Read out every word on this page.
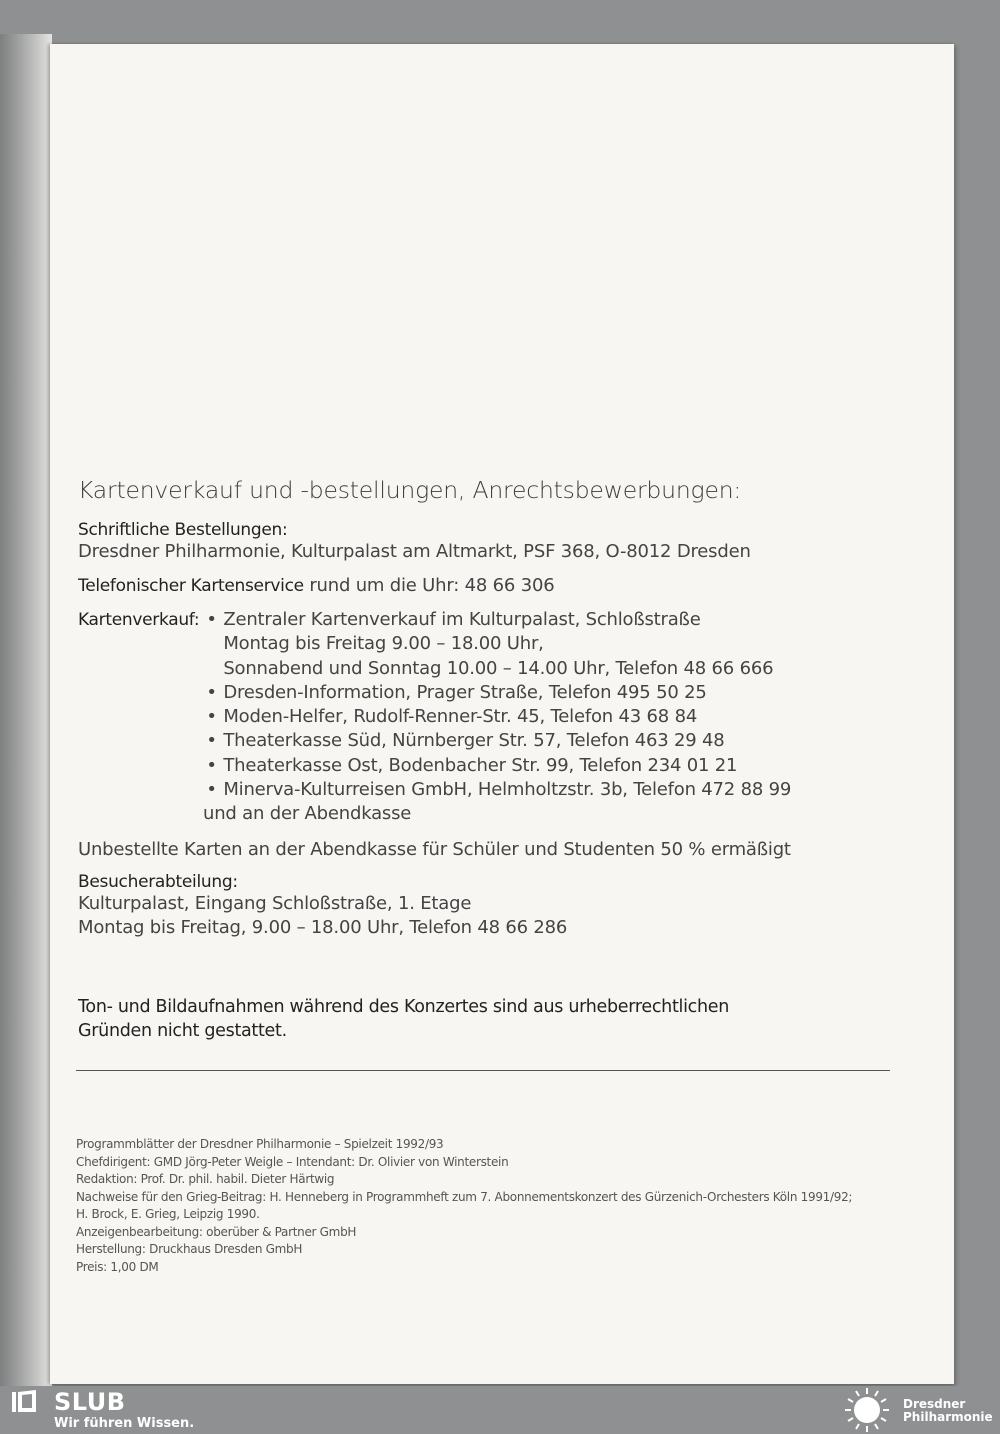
Kartenverkauf und -bestellungen, Anrechtsbewerbungen:
Schriftliche Bestellungen:
Dresdner Philharmonie, Kulturpalast am Altmarkt, PSF 368, O-8012 Dresden
Telefonischer Kartenservice rund um die Uhr: 48 66 306
Kartenverkauf: • Zentraler Kartenverkauf im Kulturpalast, Schloßstraße
Montag bis Freitag 9.00 – 18.00 Uhr,
Sonnabend und Sonntag 10.00 – 14.00 Uhr, Telefon 48 66 666
• Dresden-Information, Prager Straße, Telefon 495 50 25
• Moden-Helfer, Rudolf-Renner-Str. 45, Telefon 43 68 84
• Theaterkasse Süd, Nürnberger Str. 57, Telefon 463 29 48
• Theaterkasse Ost, Bodenbacher Str. 99, Telefon 234 01 21
• Minerva-Kulturreisen GmbH, Helmholtzstr. 3b, Telefon 472 88 99
und an der Abendkasse
Unbestellte Karten an der Abendkasse für Schüler und Studenten 50 % ermäßigt
Besucherabteilung:
Kulturpalast, Eingang Schloßstraße, 1. Etage
Montag bis Freitag, 9.00 – 18.00 Uhr, Telefon 48 66 286
Ton- und Bildaufnahmen während des Konzertes sind aus urheberrechtlichen Gründen nicht gestattet.
Programmblätter der Dresdner Philharmonie – Spielzeit 1992/93
Chefdirigent: GMD Jörg-Peter Weigle – Intendant: Dr. Olivier von Winterstein
Redaktion: Prof. Dr. phil. habil. Dieter Härtwig
Nachweise für den Grieg-Beitrag: H. Henneberg in Programmheft zum 7. Abonnementskonzert des Gürzenich-Orchesters Köln 1991/92;
H. Brock, E. Grieg, Leipzig 1990.
Anzeigenbearbeitung: oberüber & Partner GmbH
Herstellung: Druckhaus Dresden GmbH
Preis: 1,00 DM
SLUB
Wir führen Wissen.
Dresdner
Philharmonie
